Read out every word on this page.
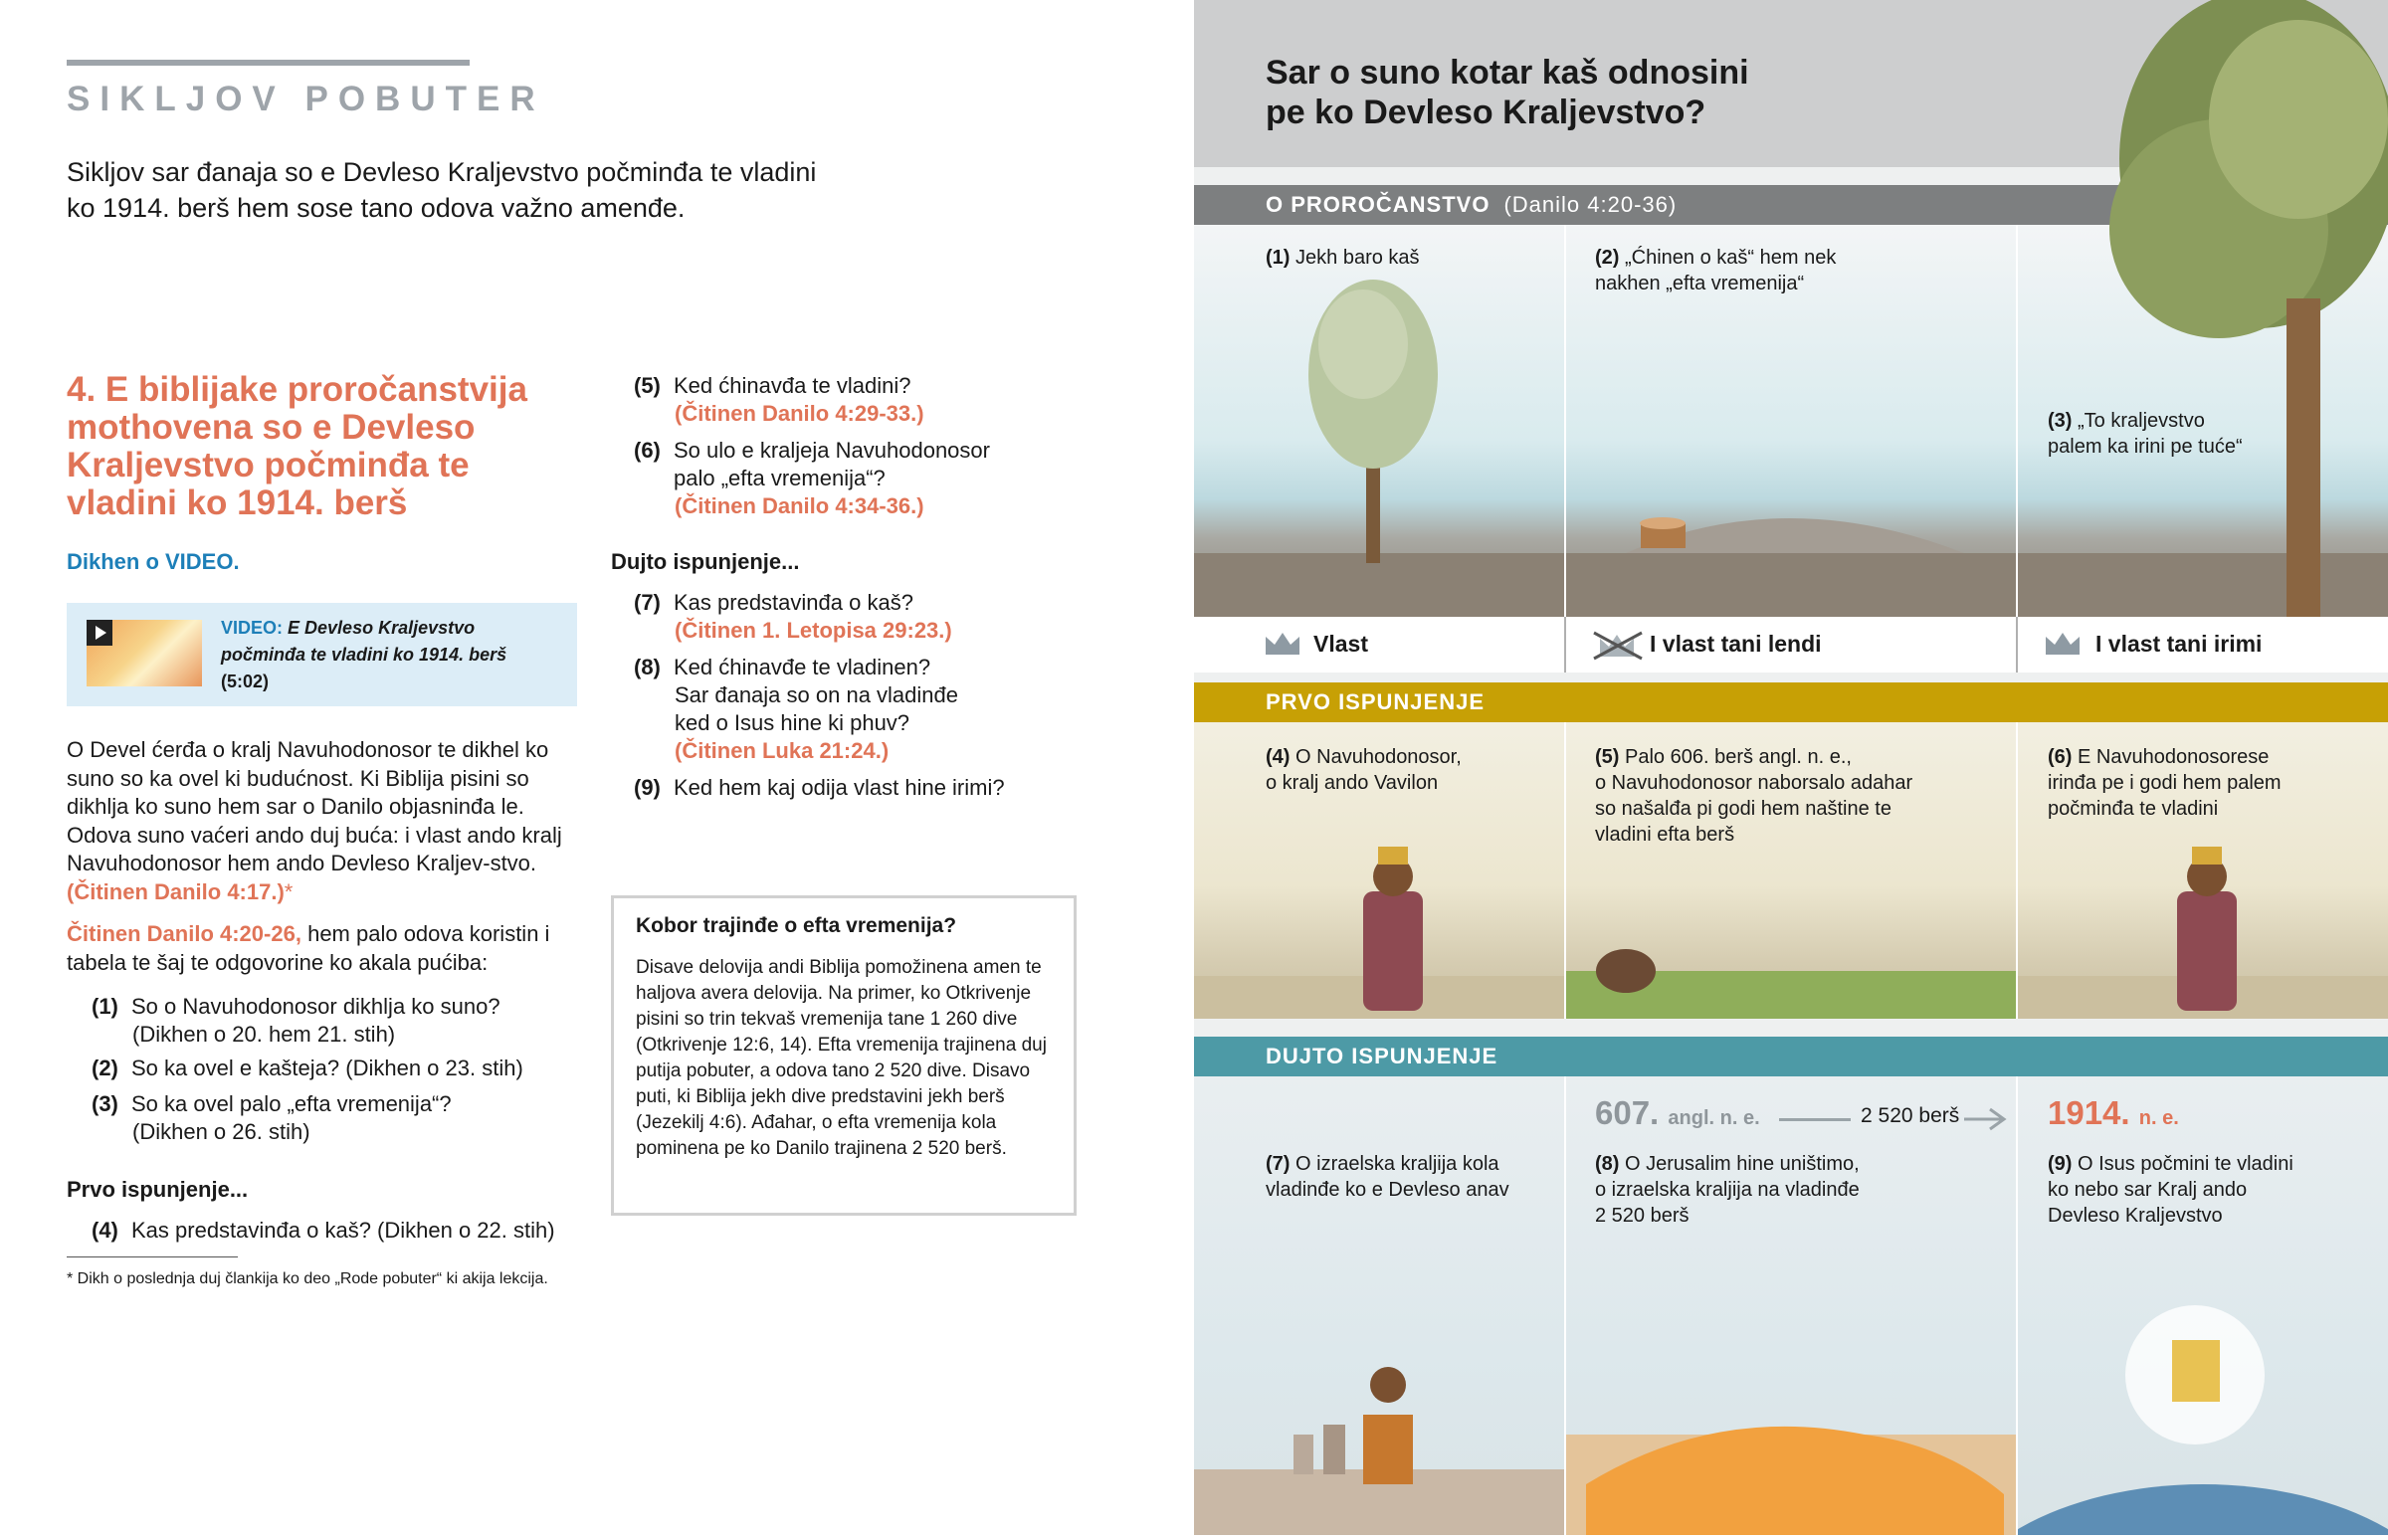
SIKLJOV POBUTER
Sikljov sar đanaja so e Devleso Kraljevstvo počminđa te vladini ko 1914. berš hem sose tano odova važno amenđe.
4. E biblijake proročanstvija mothovena so e Devleso Kraljevstvo počminđa te vladini ko 1914. berš
Dikhen o VIDEO.
VIDEO: E Devleso Kraljevstvo počminđa te vladini ko 1914. berš
(5:02)
O Devel ćerđa o kralj Navuhodonosor te dikhel ko suno so ka ovel ki budućnost. Ki Biblija pisini so dikhlja ko suno hem sar o Danilo objasninđa le. Odova suno vaćeri ando duj buća: i vlast ando kralj Navuhodonosor hem ando Devleso Kraljev-stvo. (Čitinen Danilo 4:17.)*
Čitinen Danilo 4:20-26, hem palo odova koristin i tabela te šaj te odgovorine ko akala pućiba:
(1) So o Navuhodonosor dikhlja ko suno?
(Dikhen o 20. hem 21. stih)
(2) So ka ovel e kašteja? (Dikhen o 23. stih)
(3) So ka ovel palo „efta vremenija“?
(Dikhen o 26. stih)
Prvo ispunjenje...
(4) Kas predstavinđa o kaš? (Dikhen o 22. stih)
* Dikh o poslednja duj člankija ko deo „Rode pobuter“ ki akija lekcija.
(5) Ked ćhinavđa te vladini?
(Čitinen Danilo 4:29-33.)
(6) So ulo e kraljeja Navuhodonosor palo „efta vremenija“?
(Čitinen Danilo 4:34-36.)
Dujto ispunjenje...
(7) Kas predstavinđa o kaš?
(Čitinen 1. Letopisa 29:23.)
(8) Ked ćhinavđe te vladinen?
Sar đanaja so on na vladinđe
ked o Isus hine ki phuv?
(Čitinen Luka 21:24.)
(9) Ked hem kaj odija vlast hine irimi?
Kobor trajinđe o efta vremenija?
Disave delovija andi Biblija pomožinena amen te haljova avera delovija. Na primer, ko Otkrivenje pisini so trin tekvaš vremenija tane 1 260 dive (Otkrivenje 12:6, 14). Efta vremenija trajinena duj putija pobuter, a odova tano 2 520 dive. Disavo puti, ki Biblija jekh dive predstavini jekh berš (Jezekilj 4:6). Ađahar, o efta vremenija kola pominena pe ko Danilo trajinena 2 520 berš.
Sar o suno kotar kaš odnosini
pe ko Devleso Kraljevstvo?
O PROROČANSTVO (Danilo 4:20-36)
(1) Jekh baro kaš	(2) „Ćhinen o kaš“ hem nek
nakhen „efta vremenija“
(3) „To kraljevstvo
palem ka irini pe tuće“
Vlast	I vlast tani lendi	I vlast tani irimi
PRVO ISPUNJENJE
(4) O Navuhodonosor,
o kralj ando Vavilon
(5) Palo 606. berš angl. n. e.,
o Navuhodonosor naborsalo adahar
so našalđa pi godi hem naštine te
vladini efta berš
(6) E Navuhodonosorese
irinđa pe i godi hem palem
počminđa te vladini
DUJTO ISPUNJENJE
607. angl. n. e.	2 520 berš	1914. n. e.
(7) O izraelska kraljija kola
vladinđe ko e Devleso anav
(8) O Jerusalim hine uništimo,
o izraelska kraljija na vladinđe
2 520 berš
(9) O Isus počmini te vladini
ko nebo sar Kralj ando
Devleso Kraljevstvo
